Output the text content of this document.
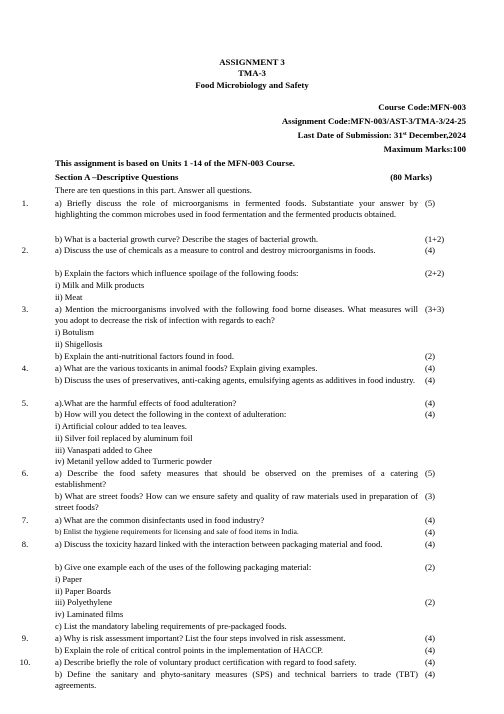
ASSIGNMENT 3
TMA-3
Food Microbiology and Safety
Course Code:MFN-003
Assignment Code:MFN-003/AST-3/TMA-3/24-25
Last Date of Submission: 31st December,2024
Maximum Marks:100
This assignment is based on Units 1 -14 of the MFN-003 Course.
Section A –Descriptive Questions	(80 Marks)
There are ten questions in this part. Answer all questions.
1.	a) Briefly discuss the role of microorganisms in fermented foods. Substantiate your answer by highlighting the common microbes used in food fermentation and the fermented products obtained.
(5)
b) What is a bacterial growth curve? Describe the stages of bacterial growth.	(1+2)
2.	a) Discuss the use of chemicals as a measure to control and destroy microorganisms in foods.	(4)
b) Explain the factors which influence spoilage of the following foods:	(2+2)
i) Milk and Milk products
ii) Meat
3.	a) Mention the microorganisms involved with the following food borne diseases. What measures will you adopt to decrease the risk of infection with regards to each?
(3+3)
i) Botulism
ii) Shigellosis
b) Explain the anti-nutritional factors found in food.	(2)
4.	a) What are the various toxicants in animal foods? Explain giving examples.	(4)
b) Discuss the uses of preservatives, anti-caking agents, emulsifying agents as additives in food industry.	(4)
5.	a).What are the harmful effects of food adulteration?	(4)
b) How will you detect the following in the context of adulteration:	(4)
i) Artificial colour added to tea leaves.
ii) Silver foil replaced by aluminum foil
iii) Vanaspati added to Ghee
iv) Metanil yellow added to Turmeric powder
6.	a) Describe the food safety measures that should be observed on the premises of a catering establishment?
(5)
b) What are street foods? How can we ensure safety and quality of raw materials used in preparation of street foods?
(3)
7.	a) What are the common disinfectants used in food industry?	(4)
b) Enlist the hygiene requirements for licensing and sale of food items in India.	(4)
8.	a) Discuss the toxicity hazard linked with the interaction between packaging material and food.	(4)
b) Give one example each of the uses of the following packaging material:	(2)
i) Paper
ii) Paper Boards
iii) Polyethylene	(2)
iv) Laminated films
c) List the mandatory labeling requirements of pre-packaged foods.
9.	a) Why is risk assessment important? List the four steps involved in risk assessment.	(4)
b) Explain the role of critical control points in the implementation of HACCP.	(4)
10.	a) Describe briefly the role of voluntary product certification with regard to food safety.	(4)
b) Define the sanitary and phyto-sanitary measures (SPS) and technical barriers to trade (TBT) agreements.
(4)
